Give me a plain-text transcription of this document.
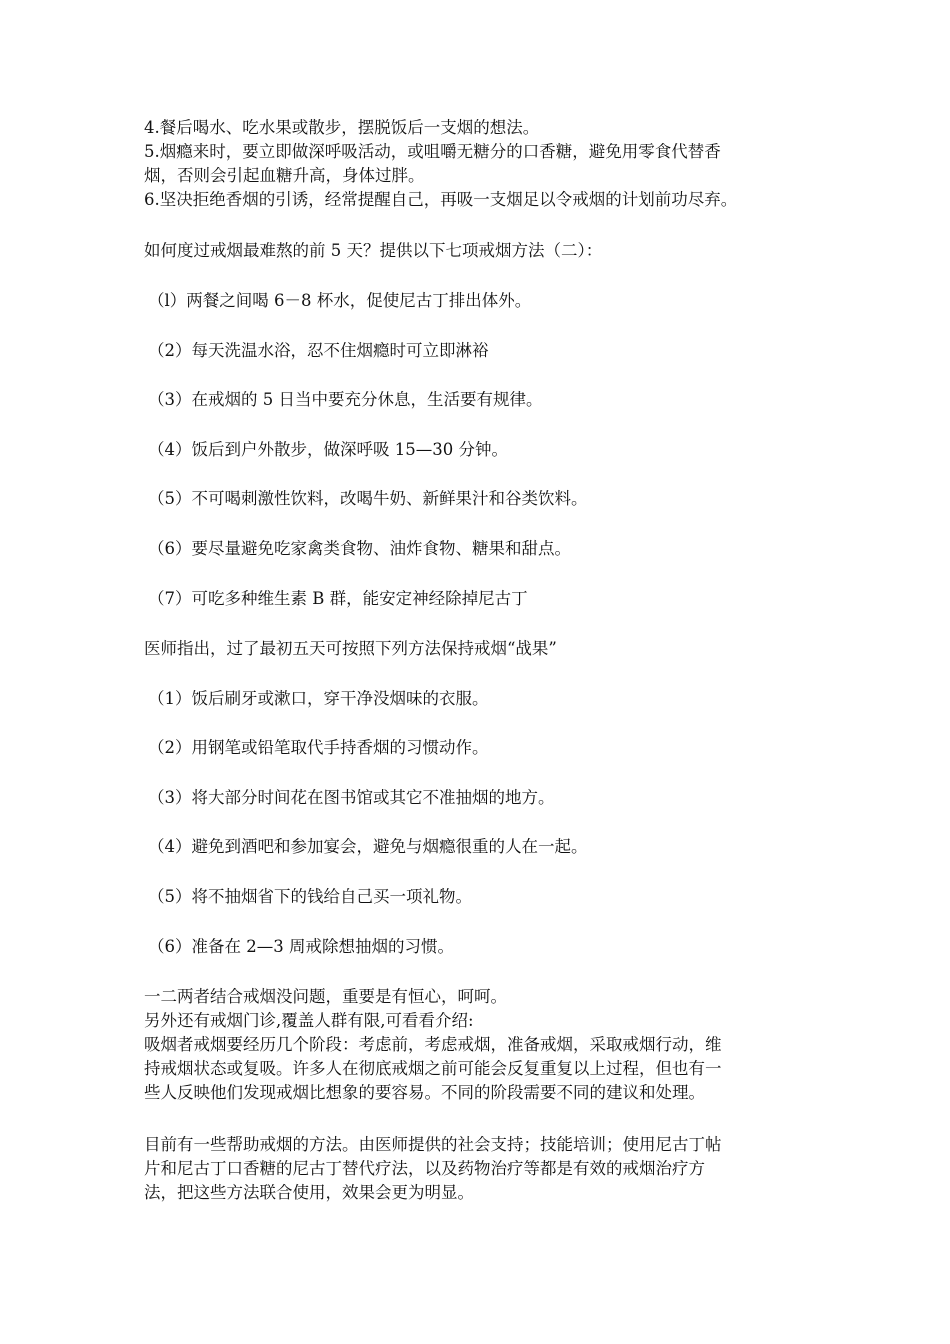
4.餐后喝水、吃水果或散步，摆脱饭后一支烟的想法。
5.烟瘾来时，要立即做深呼吸活动，或咀嚼无糖分的口香糖，避免用零食代替香
烟，否则会引起血糖升高，身体过胖。
6.坚决拒绝香烟的引诱，经常提醒自己，再吸一支烟足以令戒烟的计划前功尽弃。
如何度过戒烟最难熬的前 5 天？提供以下七项戒烟方法（二）：
（l）两餐之间喝 6－8 杯水，促使尼古丁排出体外。
（2）每天洗温水浴，忍不住烟瘾时可立即淋裕
（3）在戒烟的 5 日当中要充分休息，生活要有规律。
（4）饭后到户外散步，做深呼吸 15—30 分钟。
（5）不可喝刺激性饮料，改喝牛奶、新鲜果汁和谷类饮料。
（6）要尽量避免吃家禽类食物、油炸食物、糖果和甜点。
（7）可吃多种维生素 B 群，能安定神经除掉尼古丁
医师指出，过了最初五天可按照下列方法保持戒烟“战果”
（1）饭后刷牙或漱口，穿干净没烟味的衣服。
（2）用钢笔或铅笔取代手持香烟的习惯动作。
（3）将大部分时间花在图书馆或其它不准抽烟的地方。
（4）避免到酒吧和参加宴会，避免与烟瘾很重的人在一起。
（5）将不抽烟省下的钱给自己买一项礼物。
（6）准备在 2—3 周戒除想抽烟的习惯。
一二两者结合戒烟没问题，重要是有恒心，呵呵。
另外还有戒烟门诊,覆盖人群有限,可看看介绍:
吸烟者戒烟要经历几个阶段：考虑前，考虑戒烟，准备戒烟，采取戒烟行动，维
持戒烟状态或复吸。许多人在彻底戒烟之前可能会反复重复以上过程，但也有一
些人反映他们发现戒烟比想象的要容易。不同的阶段需要不同的建议和处理。
目前有一些帮助戒烟的方法。由医师提供的社会支持；技能培训；使用尼古丁帖
片和尼古丁口香糖的尼古丁替代疗法，以及药物治疗等都是有效的戒烟治疗方
法，把这些方法联合使用，效果会更为明显。
